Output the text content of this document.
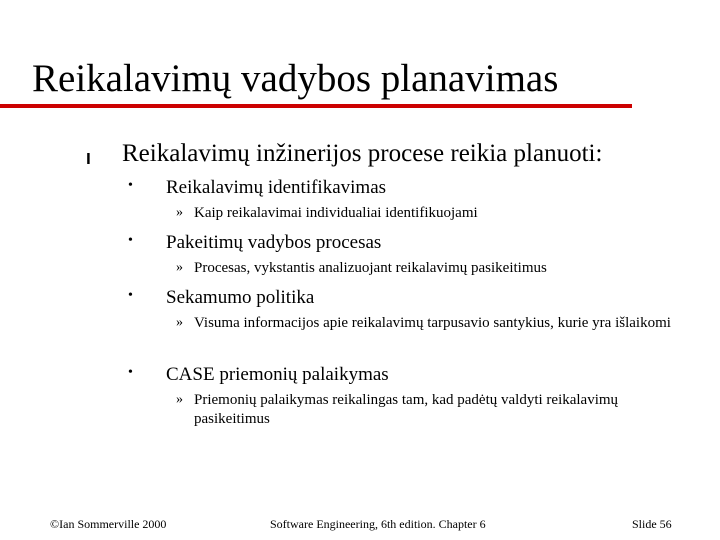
Reikalavimų vadybos planavimas
l Reikalavimų inžinerijos procese reikia planuoti:
• Reikalavimų identifikavimas
» Kaip reikalavimai individualiai identifikuojami
• Pakeitimų vadybos procesas
» Procesas, vykstantis analizuojant reikalavimų pasikeitimus
• Sekamumo politika
» Visuma informacijos apie reikalavimų tarpusavio santykius, kurie yra išlaikomi
• CASE priemonių palaikymas
» Priemonių palaikymas reikalingas tam, kad padėtų valdyti reikalavimų pasikeitimus
©Ian Sommerville 2000	Software Engineering, 6th edition. Chapter 6	Slide 56
